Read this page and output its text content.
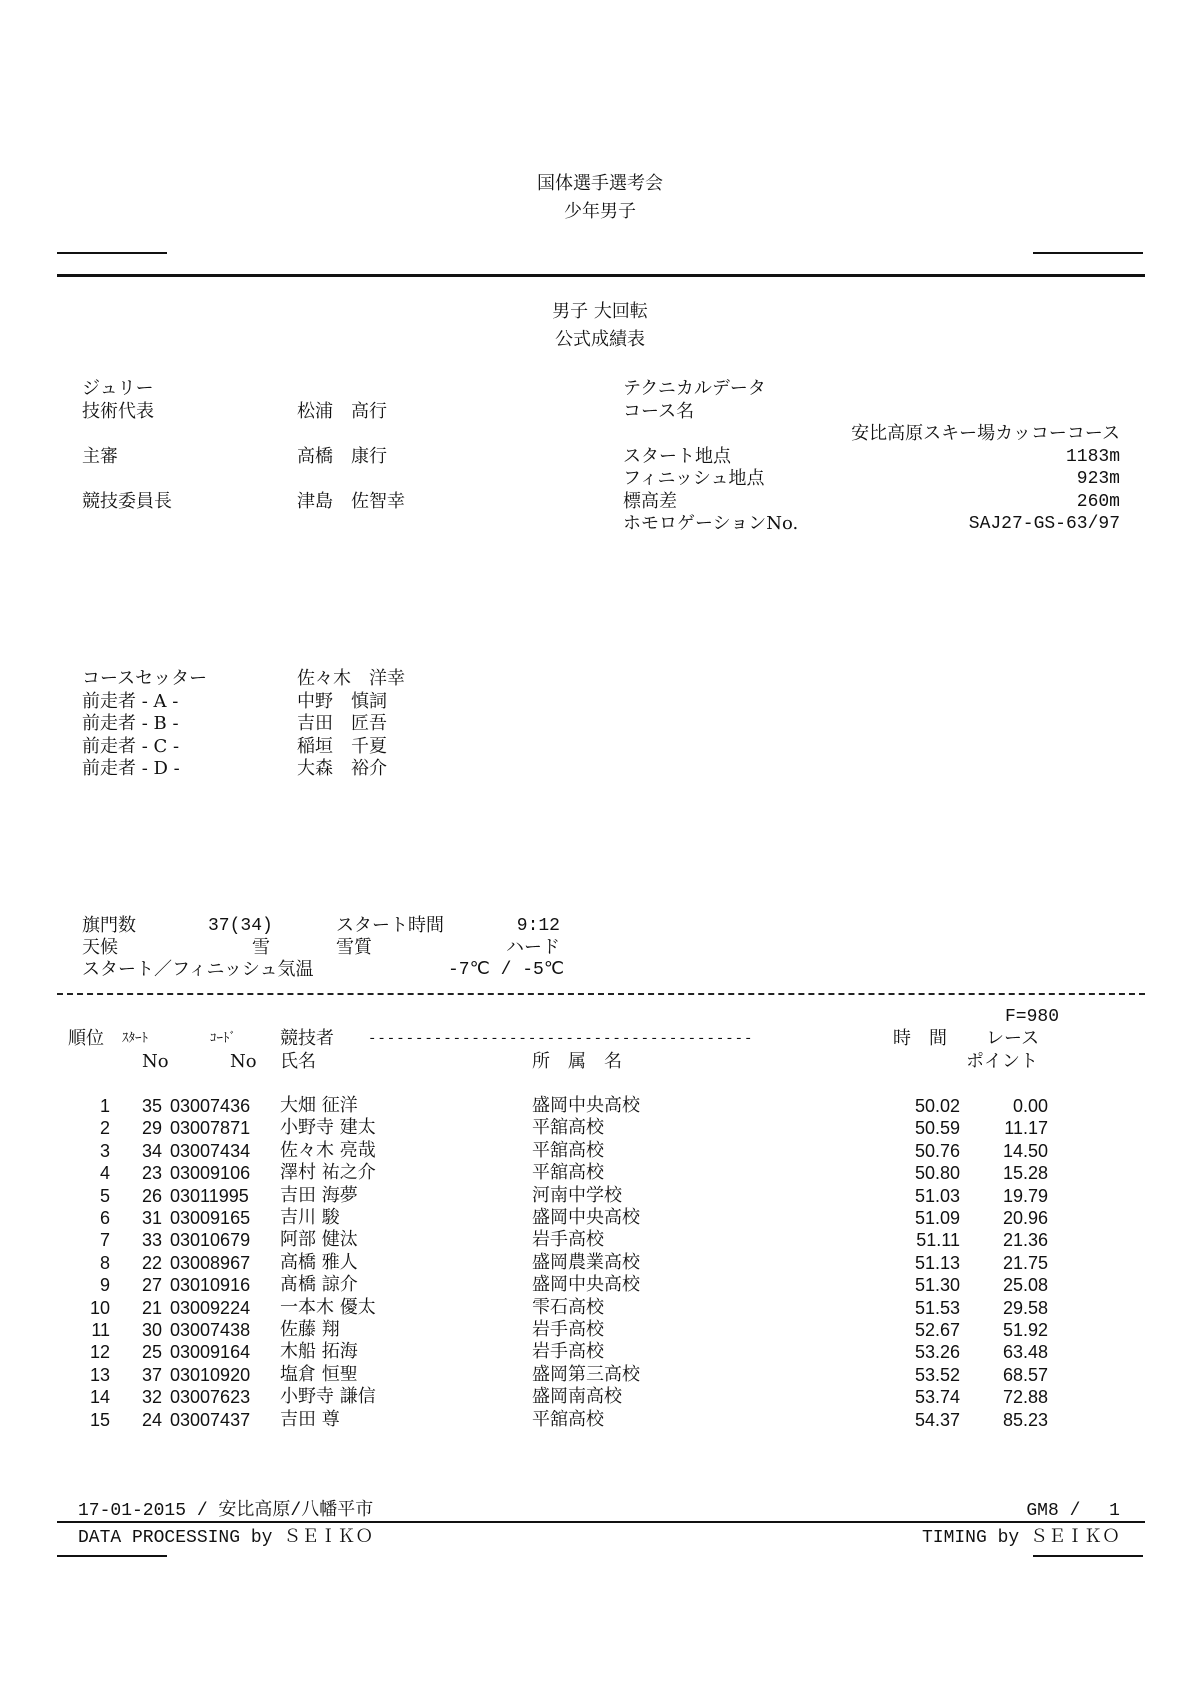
国体選手選考会
少年男子
男子 大回転
公式成績表
ジュリー
技術代表	松浦　高行
主審	高橋　康行
競技委員長	津島　佐智幸
テクニカルデータ
コース名
安比高原スキー場カッコーコース
スタート地点	1183m
フィニッシュ地点	923m
標高差	260m
ホモロゲーションNo.	SAJ27-GS-63/97
コースセッター	佐々木　洋幸
前走者 - A -	中野　慎詞
前走者 - B -	吉田　匠吾
前走者 - C -	稲垣　千夏
前走者 - D -	大森　裕介
旗門数	37(34)	スタート時間	9:12
天候	雪	雪質	ハード
スタート／フィニッシュ気温	-7℃ / -5℃
F=980
順位 ｽﾀｰﾄ
No
ｺｰﾄﾞ
No
競技者 -----------------------------------------
氏名	所　属　名
時　間 レース
ポイント
1 35 03007436 大畑 征洋	盛岡中央高校	50.02	0.00
2 29 03007871 小野寺 建太	平舘高校	50.59 11.17
3 34 03007434 佐々木 亮哉	平舘高校	50.76 14.50
4 23 03009106 澤村 祐之介	平舘高校	50.80 15.28
5 26 03011995 吉田 海夢	河南中学校	51.03 19.79
6 31 03009165 吉川 駿	盛岡中央高校	51.09 20.96
7 33 03010679 阿部 健汰	岩手高校	51.11 21.36
8 22 03008967 高橋 雅人	盛岡農業高校	51.13 21.75
9 27 03010916 髙橋 諒介	盛岡中央高校	51.30 25.08
10 21 03009224 一本木 優太	雫石高校	51.53 29.58
11 30 03007438 佐藤 翔	岩手高校	52.67 51.92
12 25 03009164 木船 拓海	岩手高校	53.26 63.48
13 37 03010920 塩倉 恒聖	盛岡第三高校	53.52 68.57
14 32 03007623 小野寺 謙信	盛岡南高校	53.74 72.88
15 24 03007437 吉田 尊	平舘高校	54.37 85.23
17-01-2015 / 安比高原/八幡平市	GM8 /　 1
DATA PROCESSING by ＳＥＩＫＯ	TIMING by ＳＥＩＫＯ
